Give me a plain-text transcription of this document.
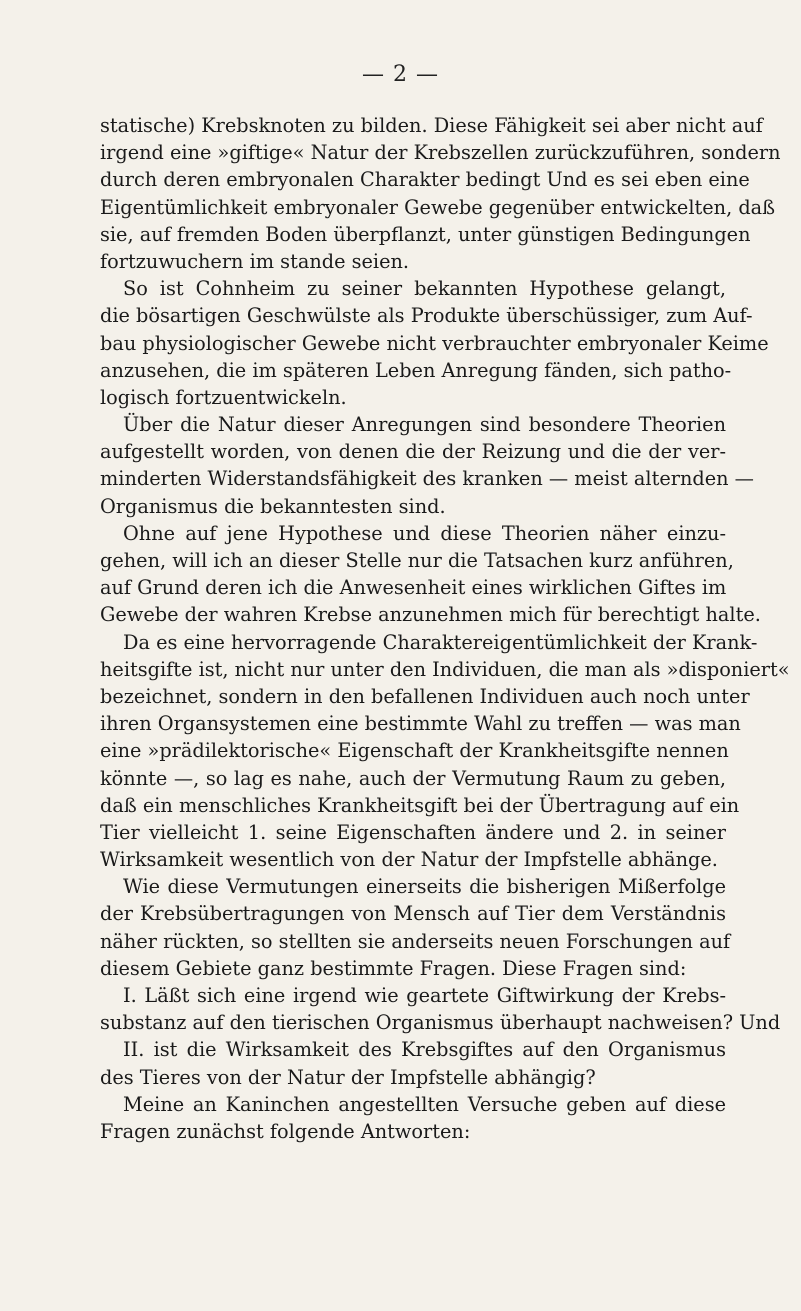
— 2 —
statische) Krebsknoten zu bilden. Diese Fähigkeit sei aber nicht auf
irgend eine »giftige« Natur der Krebszellen zurückzuführen, sondern
durch deren embryonalen Charakter bedingt Und es sei eben eine
Eigentümlichkeit embryonaler Gewebe gegenüber entwickelten, daß
sie, auf fremden Boden überpflanzt, unter günstigen Bedingungen
fortzuwuchern im stande seien.
So ist Cohnheim zu seiner bekannten Hypothese gelangt,
die bösartigen Geschwülste als Produkte überschüssiger, zum Auf-
bau physiologischer Gewebe nicht verbrauchter embryonaler Keime
anzusehen, die im späteren Leben Anregung fänden, sich patho-
logisch fortzuentwickeln.
Über die Natur dieser Anregungen sind besondere Theorien
aufgestellt worden, von denen die der Reizung und die der ver-
minderten Widerstandsfähigkeit des kranken — meist alternden —
Organismus die bekanntesten sind.
Ohne auf jene Hypothese und diese Theorien näher einzu-
gehen, will ich an dieser Stelle nur die Tatsachen kurz anführen,
auf Grund deren ich die Anwesenheit eines wirklichen Giftes im
Gewebe der wahren Krebse anzunehmen mich für berechtigt halte.
Da es eine hervorragende Charaktereigentümlichkeit der Krank-
heitsgifte ist, nicht nur unter den Individuen, die man als »disponiert«
bezeichnet, sondern in den befallenen Individuen auch noch unter
ihren Organsystemen eine bestimmte Wahl zu treffen — was man
eine »prädilektorische« Eigenschaft der Krankheitsgifte nennen
könnte —, so lag es nahe, auch der Vermutung Raum zu geben,
daß ein menschliches Krankheitsgift bei der Übertragung auf ein
Tier vielleicht 1. seine Eigenschaften ändere und 2. in seiner
Wirksamkeit wesentlich von der Natur der Impfstelle abhänge.
Wie diese Vermutungen einerseits die bisherigen Mißerfolge
der Krebsübertragungen von Mensch auf Tier dem Verständnis
näher rückten, so stellten sie anderseits neuen Forschungen auf
diesem Gebiete ganz bestimmte Fragen. Diese Fragen sind:
I. Läßt sich eine irgend wie geartete Giftwirkung der Krebs-
substanz auf den tierischen Organismus überhaupt nachweisen? Und
II. ist die Wirksamkeit des Krebsgiftes auf den Organismus
des Tieres von der Natur der Impfstelle abhängig?
Meine an Kaninchen angestellten Versuche geben auf diese
Fragen zunächst folgende Antworten:
